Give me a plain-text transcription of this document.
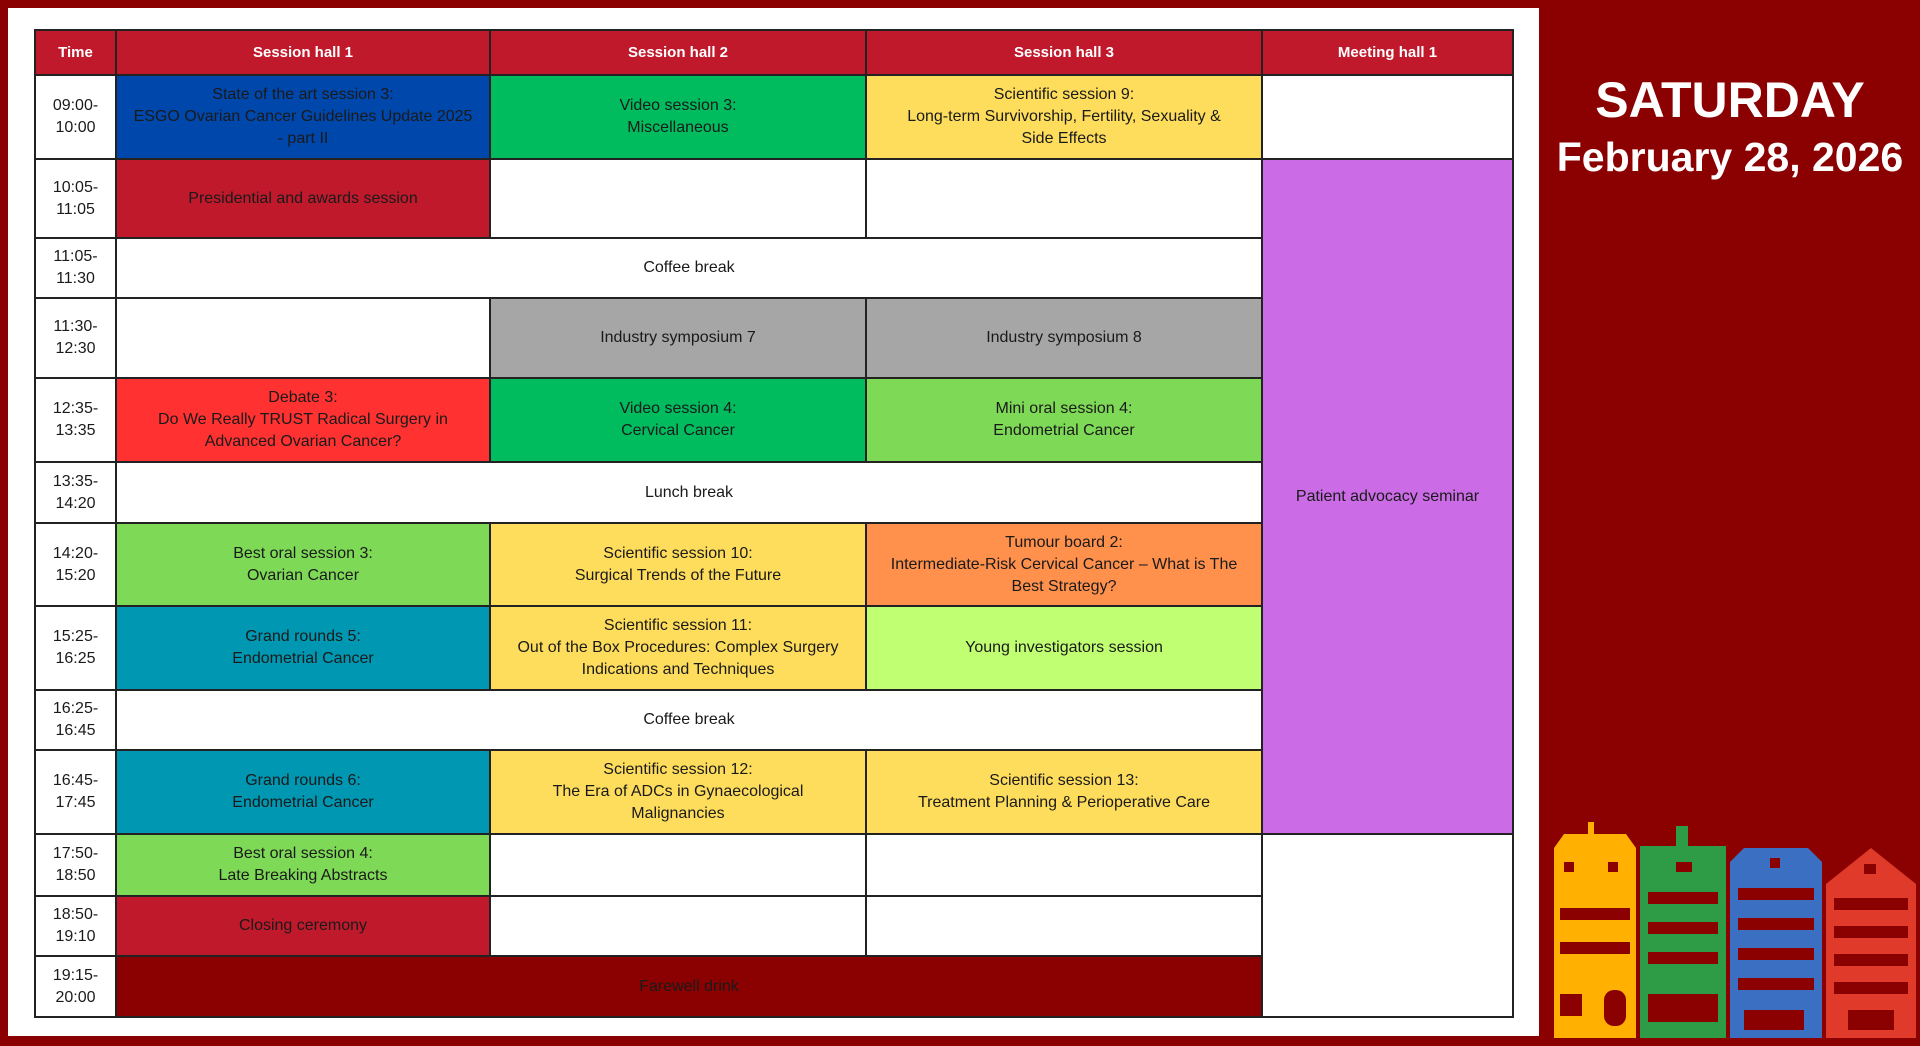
Time	Session hall 1	Session hall 2	Session hall 3	Meeting hall 1

09:00-
10:00	State of the art session 3:
ESGO Ovarian Cancer Guidelines Update 2025
- part II	Video session 3:
Miscellaneous	Scientific session 9:
Long-term Survivorship, Fertility, Sexuality &
Side Effects	

10:05-
11:05	Presidential and awards session			Patient advocacy seminar

11:05-
11:30	Coffee break			

11:30-
12:30		Industry symposium 7	Industry symposium 8	

12:35-
13:35	Debate 3:
Do We Really TRUST Radical Surgery in
Advanced Ovarian Cancer?	Video session 4:
Cervical Cancer	Mini oral session 4:
Endometrial Cancer	

13:35-
14:20	Lunch break			

14:20-
15:20	Best oral session 3:
Ovarian Cancer	Scientific session 10:
Surgical Trends of the Future	Tumour board 2:
Intermediate-Risk Cervical Cancer – What is The
Best Strategy?	

15:25-
16:25	Grand rounds 5:
Endometrial Cancer	Scientific session 11:
Out of the Box Procedures: Complex Surgery
Indications and Techniques	Young investigators session	

16:25-
16:45	Coffee break			

16:45-
17:45	Grand rounds 6:
Endometrial Cancer	Scientific session 12:
The Era of ADCs in Gynaecological
Malignancies	Scientific session 13:
Treatment Planning & Perioperative Care	

17:50-
18:50	Best oral session 4:
Late Breaking Abstracts			

18:50-
19:10	Closing ceremony			

19:15-
20:00	Farewell drink			
SATURDAY
February 28, 2026
